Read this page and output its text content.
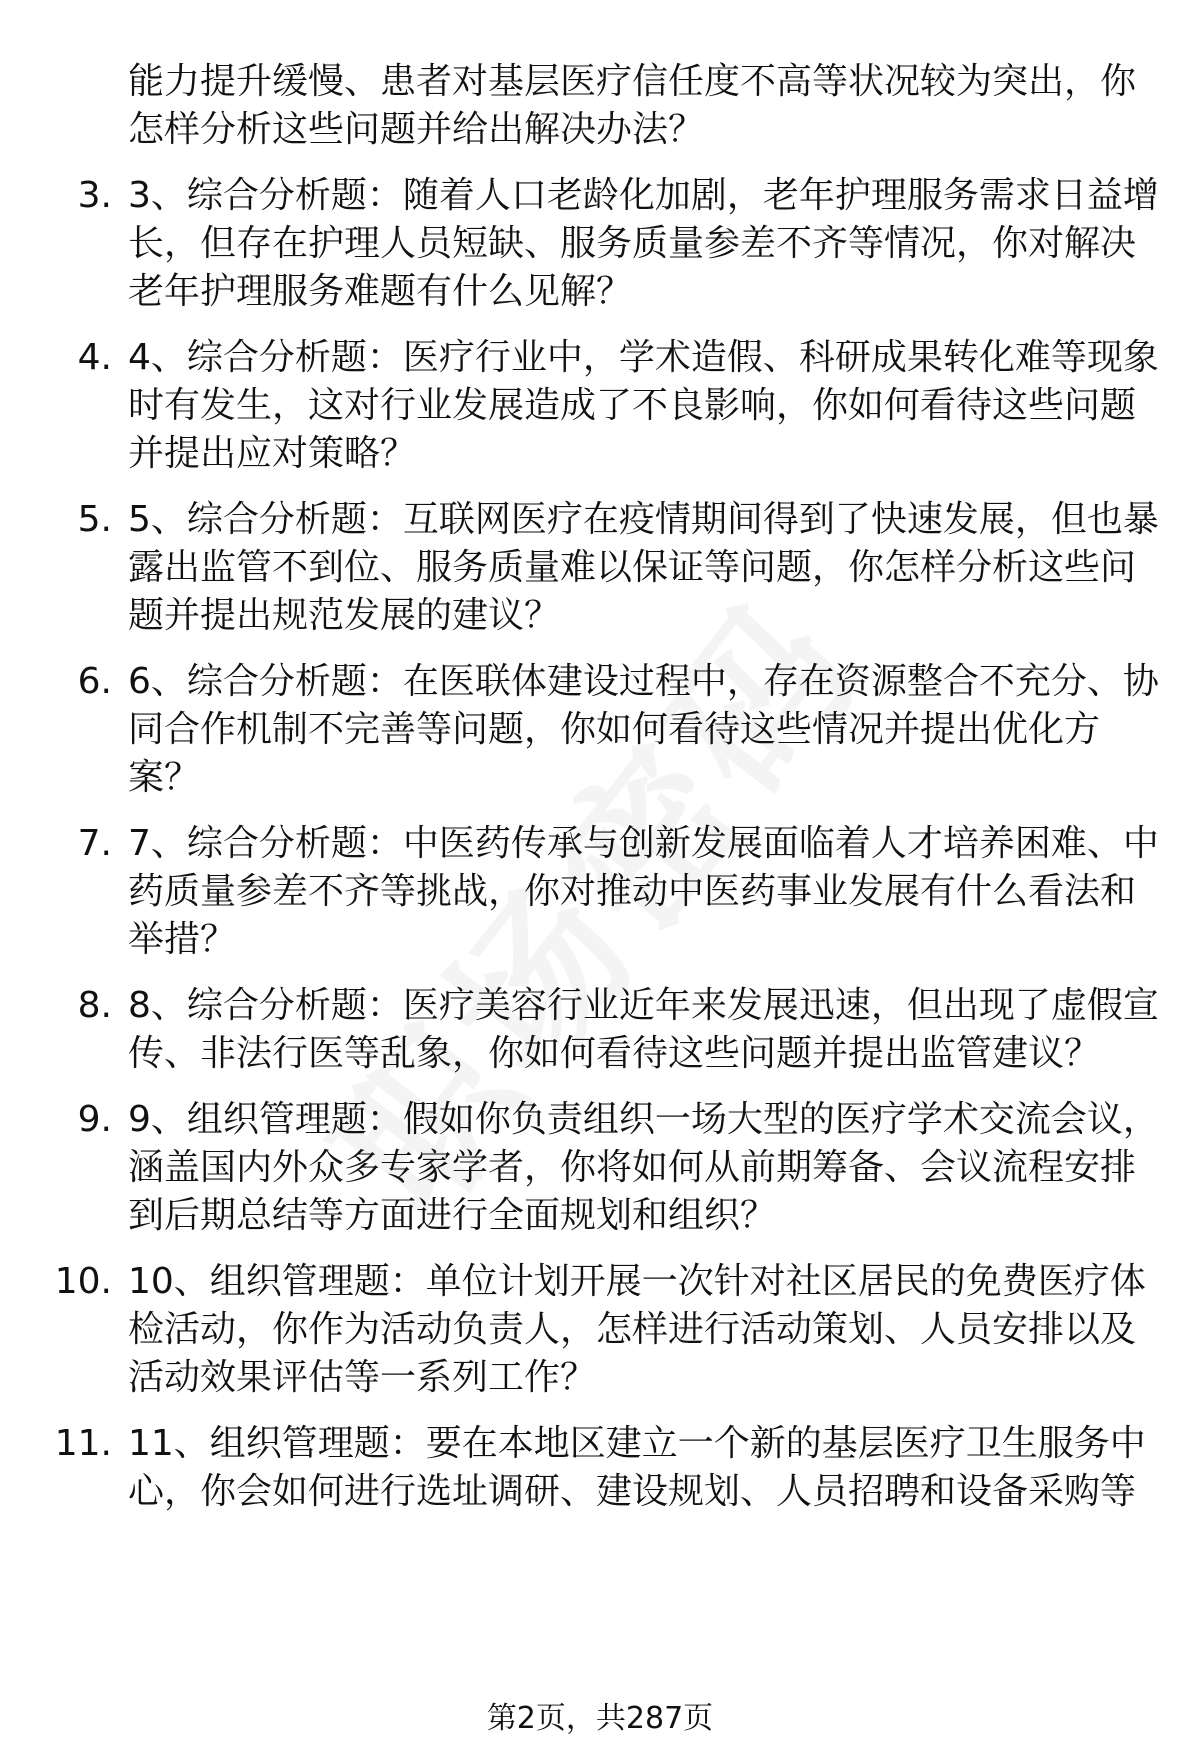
能力提升缓慢、患者对基层医疗信任度不高等状况较为突出，你怎样分析这些问题并给出解决办法？
3. 3、综合分析题：随着人口老龄化加剧，老年护理服务需求日益增长，但存在护理人员短缺、服务质量参差不齐等情况，你对解决老年护理服务难题有什么见解？
4. 4、综合分析题：医疗行业中，学术造假、科研成果转化难等现象时有发生，这对行业发展造成了不良影响，你如何看待这些问题并提出应对策略？
5. 5、综合分析题：互联网医疗在疫情期间得到了快速发展，但也暴露出监管不到位、服务质量难以保证等问题，你怎样分析这些问题并提出规范发展的建议？
6. 6、综合分析题：在医联体建设过程中，存在资源整合不充分、协同合作机制不完善等问题，你如何看待这些情况并提出优化方案？
7. 7、综合分析题：中医药传承与创新发展面临着人才培养困难、中药质量参差不齐等挑战，你对推动中医药事业发展有什么看法和举措？
8. 8、综合分析题：医疗美容行业近年来发展迅速，但出现了虚假宣传、非法行医等乱象，你如何看待这些问题并提出监管建议？
9. 9、组织管理题：假如你负责组织一场大型的医疗学术交流会议，涵盖国内外众多专家学者，你将如何从前期筹备、会议流程安排到后期总结等方面进行全面规划和组织？
10. 10、组织管理题：单位计划开展一次针对社区居民的免费医疗体检活动，你作为活动负责人，怎样进行活动策划、人员安排以及活动效果评估等一系列工作？
11. 11、组织管理题：要在本地区建立一个新的基层医疗卫生服务中心，你会如何进行选址调研、建设规划、人员招聘和设备采购等
第2页，共287页
